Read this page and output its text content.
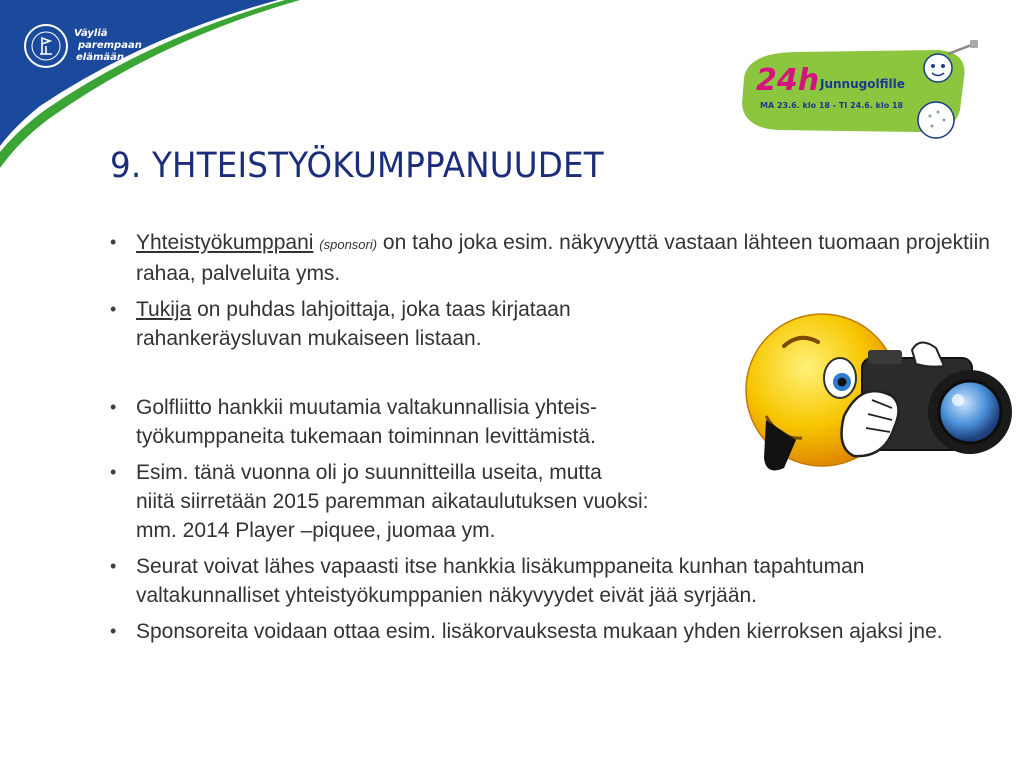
Väyliä
parempaan
elämään
24h Junnugolfille
MA 23.6. klo 18 - TI 24.6. klo 18
9. YHTEISTYÖKUMPPANUUDET
• Yhteistyökumppani (sponsori) on taho joka esim. näkyvyyttä vastaan lähteen tuomaan projektiin rahaa, palveluita yms.
• Tukija on puhdas lahjoittaja, joka taas kirjataan rahankeräysluvan mukaiseen listaan.
• Golfliitto hankkii muutamia valtakunnallisia yhteis-
työkumppaneita tukemaan toiminnan levittämistä.
• Esim. tänä vuonna oli jo suunnitteilla useita, mutta
niitä siirretään 2015 paremman aikataulutuksen vuoksi:
mm. 2014 Player –piquee, juomaa ym.
• Seurat voivat lähes vapaasti itse hankkia lisäkumppaneita kunhan tapahtuman valtakunnalliset yhteistyökumppanien näkyvyydet eivät jää syrjään.
• Sponsoreita voidaan ottaa esim. lisäkorvauksesta mukaan yhden kierroksen ajaksi jne.
